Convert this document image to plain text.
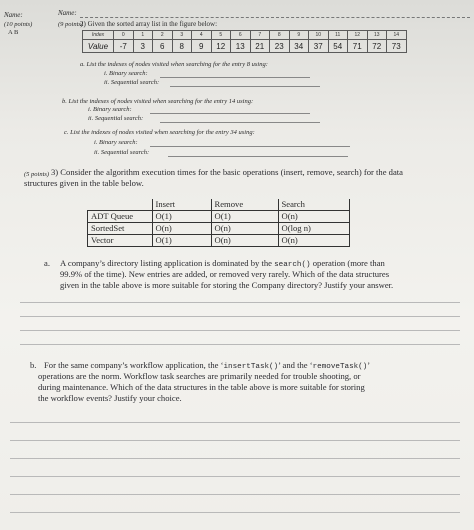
Name:
(10 points)
A B
Name:
(9 points)
2) Given the sorted array list in the figure below:
Index	0	1	2	3	4	5	6	7	8	9	10	11	12	13	14
Value	-7	3	6	8	9	12	13	21	23	34	37	54	71	72	73
a. List the indexes of nodes visited when searching for the entry 8 using:
i. Binary search:
ii. Sequential search:
b. List the indexes of nodes visited when searching for the entry 14 using:
i. Binary search:
ii. Sequential search:
c. List the indexes of nodes visited when searching for the entry 34 using:
i. Binary search:
ii. Sequential search:
(5 points) 3) Consider the algorithm execution times for the basic operations (insert, remove, search) for the data
structures given in the table below.
	Insert	Remove	Search
ADT Queue	O(1)	O(1)	O(n)
SortedSet	O(n)	O(n)	O(log n)
Vector	O(1)	O(n)	O(n)
a. A company’s directory listing application is dominated by the search() operation (more than
99.9% of the time). New entries are added, or removed very rarely. Which of the data structures
given in the table above is more suitable for storing the Company directory? Justify your answer.
b. For the same company’s workflow application, the ‘insertTask()’ and the ‘removeTask()’
operations are the norm. Workflow task searches are primarily needed for trouble shooting, or
during maintenance. Which of the data structures in the table above is more suitable for storing
the workflow events? Justify your choice.
